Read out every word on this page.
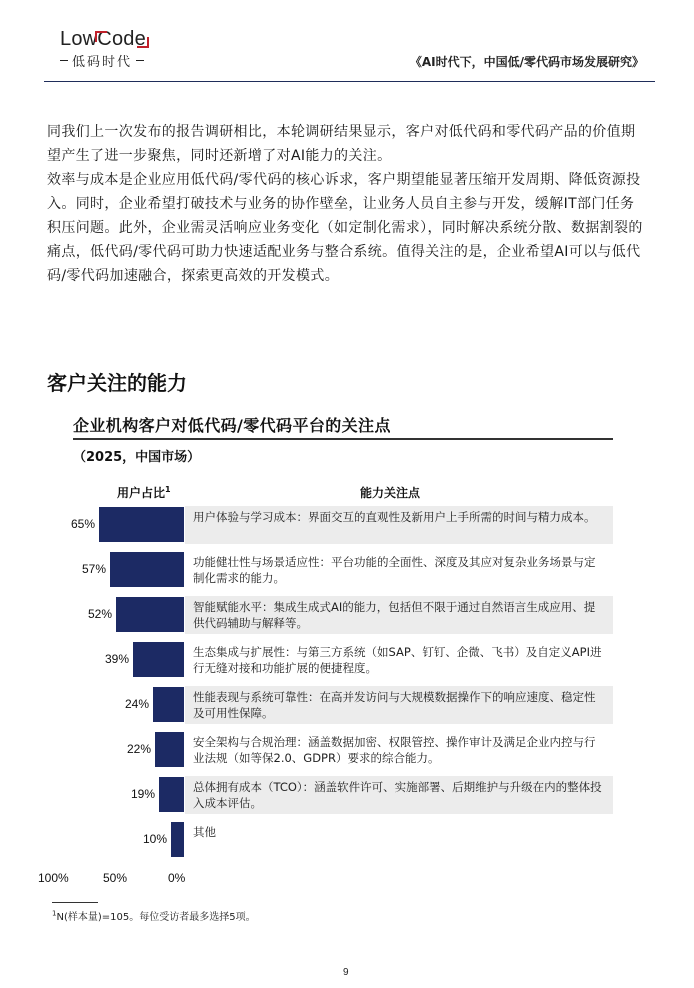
LowCode
低码时代	《AI时代下，中国低/零代码市场发展研究》

同我们上一次发布的报告调研相比，本轮调研结果显示，客户对低代码和零代码产品的价值期望产生了进一步聚焦，同时还新增了对AI能力的关注。

效率与成本是企业应用低代码/零代码的核心诉求，客户期望能显著压缩开发周期、降低资源投入。同时，企业希望打破技术与业务的协作壁垒，让业务人员自主参与开发，缓解IT部门任务积压问题。此外，企业需灵活响应业务变化（如定制化需求），同时解决系统分散、数据割裂的痛点，低代码/零代码可助力快速适配业务与整合系统。值得关注的是，企业希望AI可以与低代码/零代码加速融合，探索更高效的开发模式。

客户关注的能力
企业机构客户对低代码/零代码平台的关注点
（2025，中国市场）
用户占比$^1$	能力关注点
65%	用户体验与学习成本：界面交互的直观性及新用户上手所需的时间与精力成本。
57%	功能健壮性与场景适应性：平台功能的全面性、深度及其应对复杂业务场景与定制化需求的能力。
52%	智能赋能水平：集成生成式AI的能力，包括但不限于通过自然语言生成应用、提供代码辅助与解释等。
39%	生态集成与扩展性：与第三方系统（如SAP、钉钉、企微、飞书）及自定义API进行无缝对接和功能扩展的便捷程度。
24%	性能表现与系统可靠性：在高并发访问与大规模数据操作下的响应速度、稳定性及可用性保障。
22%	安全架构与合规治理：涵盖数据加密、权限管控、操作审计及满足企业内控与行业法规（如等保2.0、GDPR）要求的综合能力。
19%	总体拥有成本（TCO）：涵盖软件许可、实施部署、后期维护与升级在内的整体投入成本评估。
10%	其他
100%	50%	0%
$^1$N(样本量)=105。每位受访者最多选择5项。
9
